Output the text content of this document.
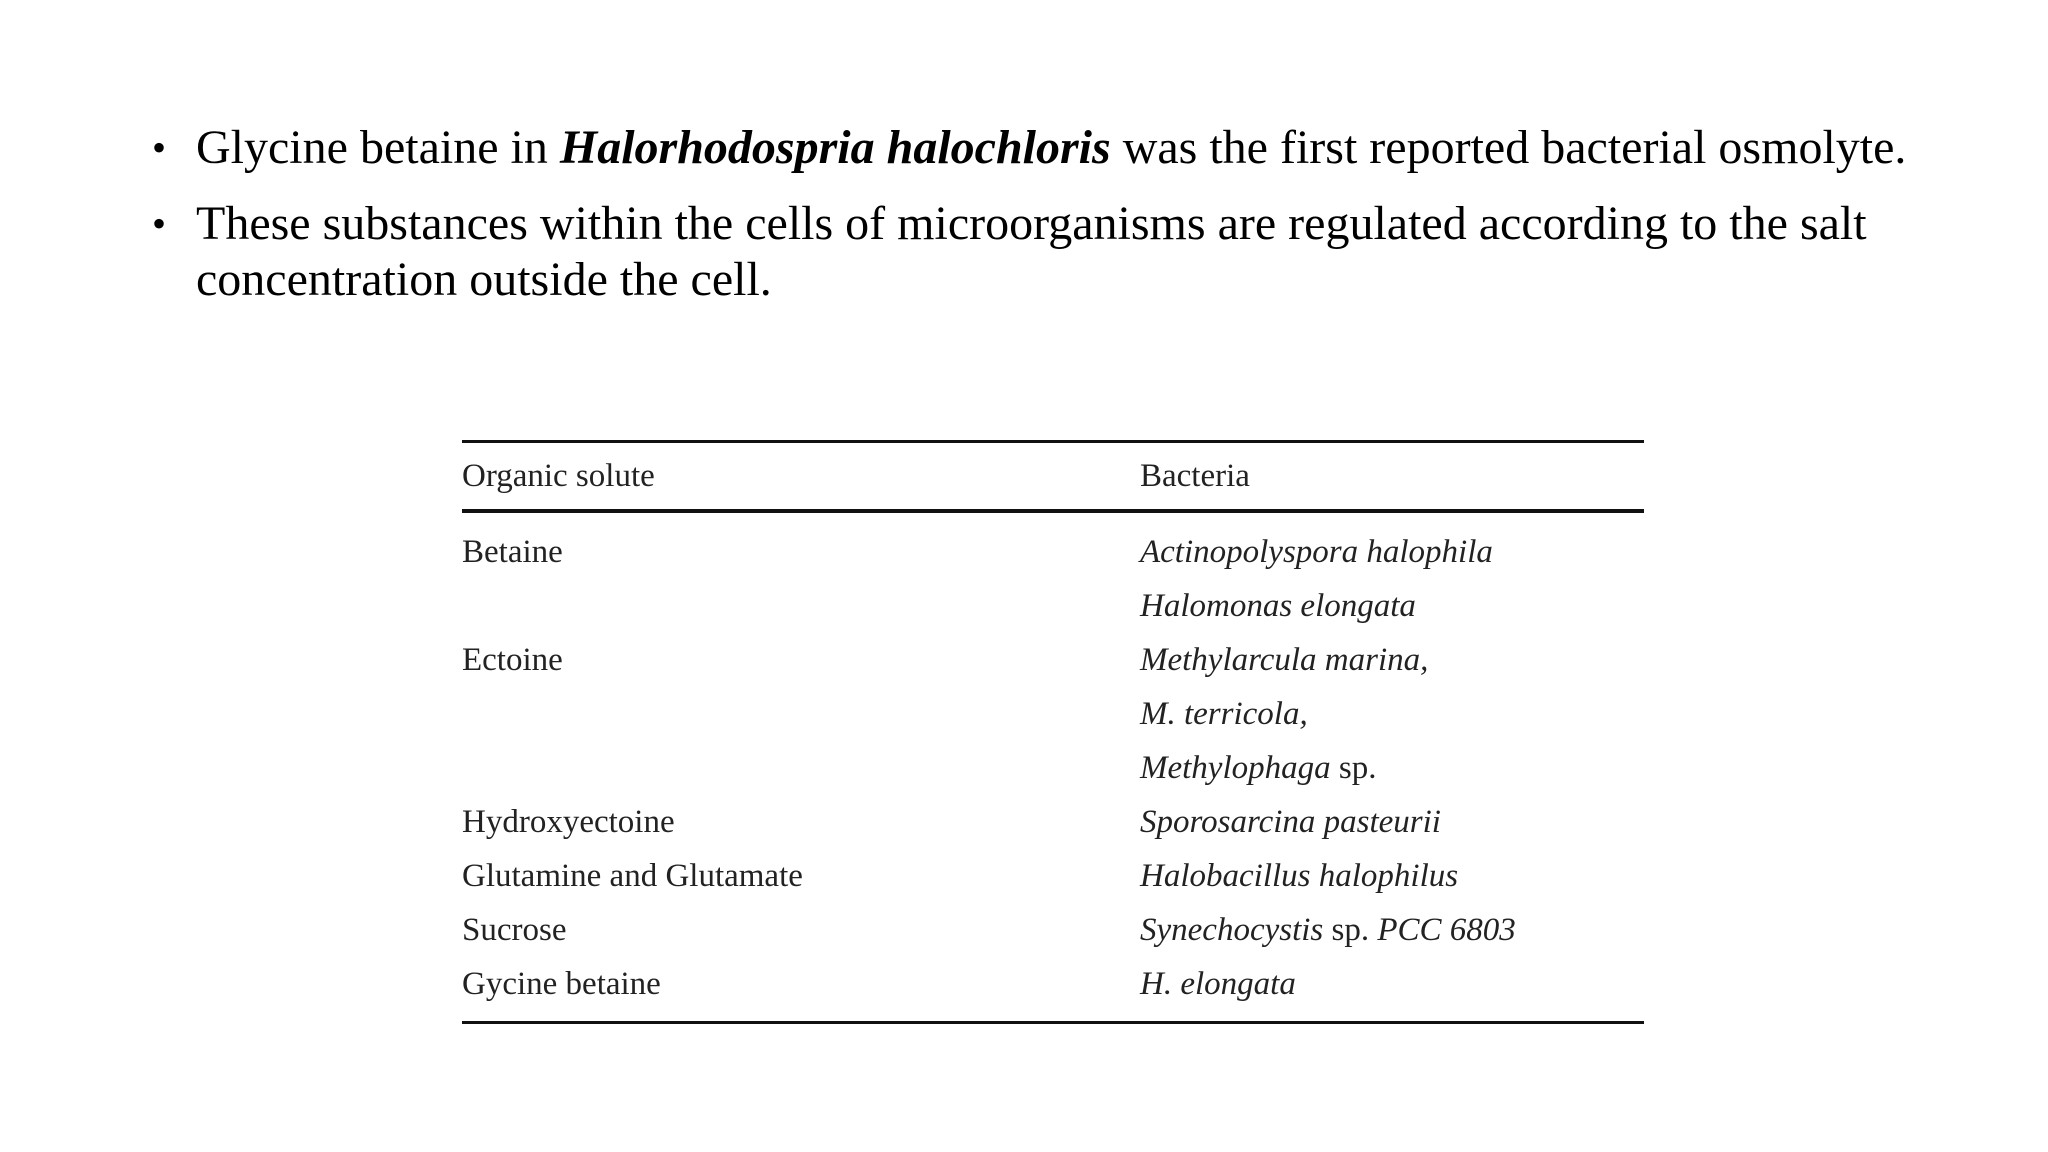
• Glycine betaine in Halorhodospria halochloris was the first reported bacterial osmolyte.
• These substances within the cells of microorganisms are regulated according to the salt concentration outside the cell.
Organic solute	Bacteria
Betaine	Actinopolyspora halophila
Halomonas elongata
Ectoine	Methylarcula marina,
M. terricola,
Methylophaga sp.
Hydroxyectoine	Sporosarcina pasteurii
Glutamine and Glutamate	Halobacillus halophilus
Sucrose	Synechocystis sp. PCC 6803
Gycine betaine	H. elongata
